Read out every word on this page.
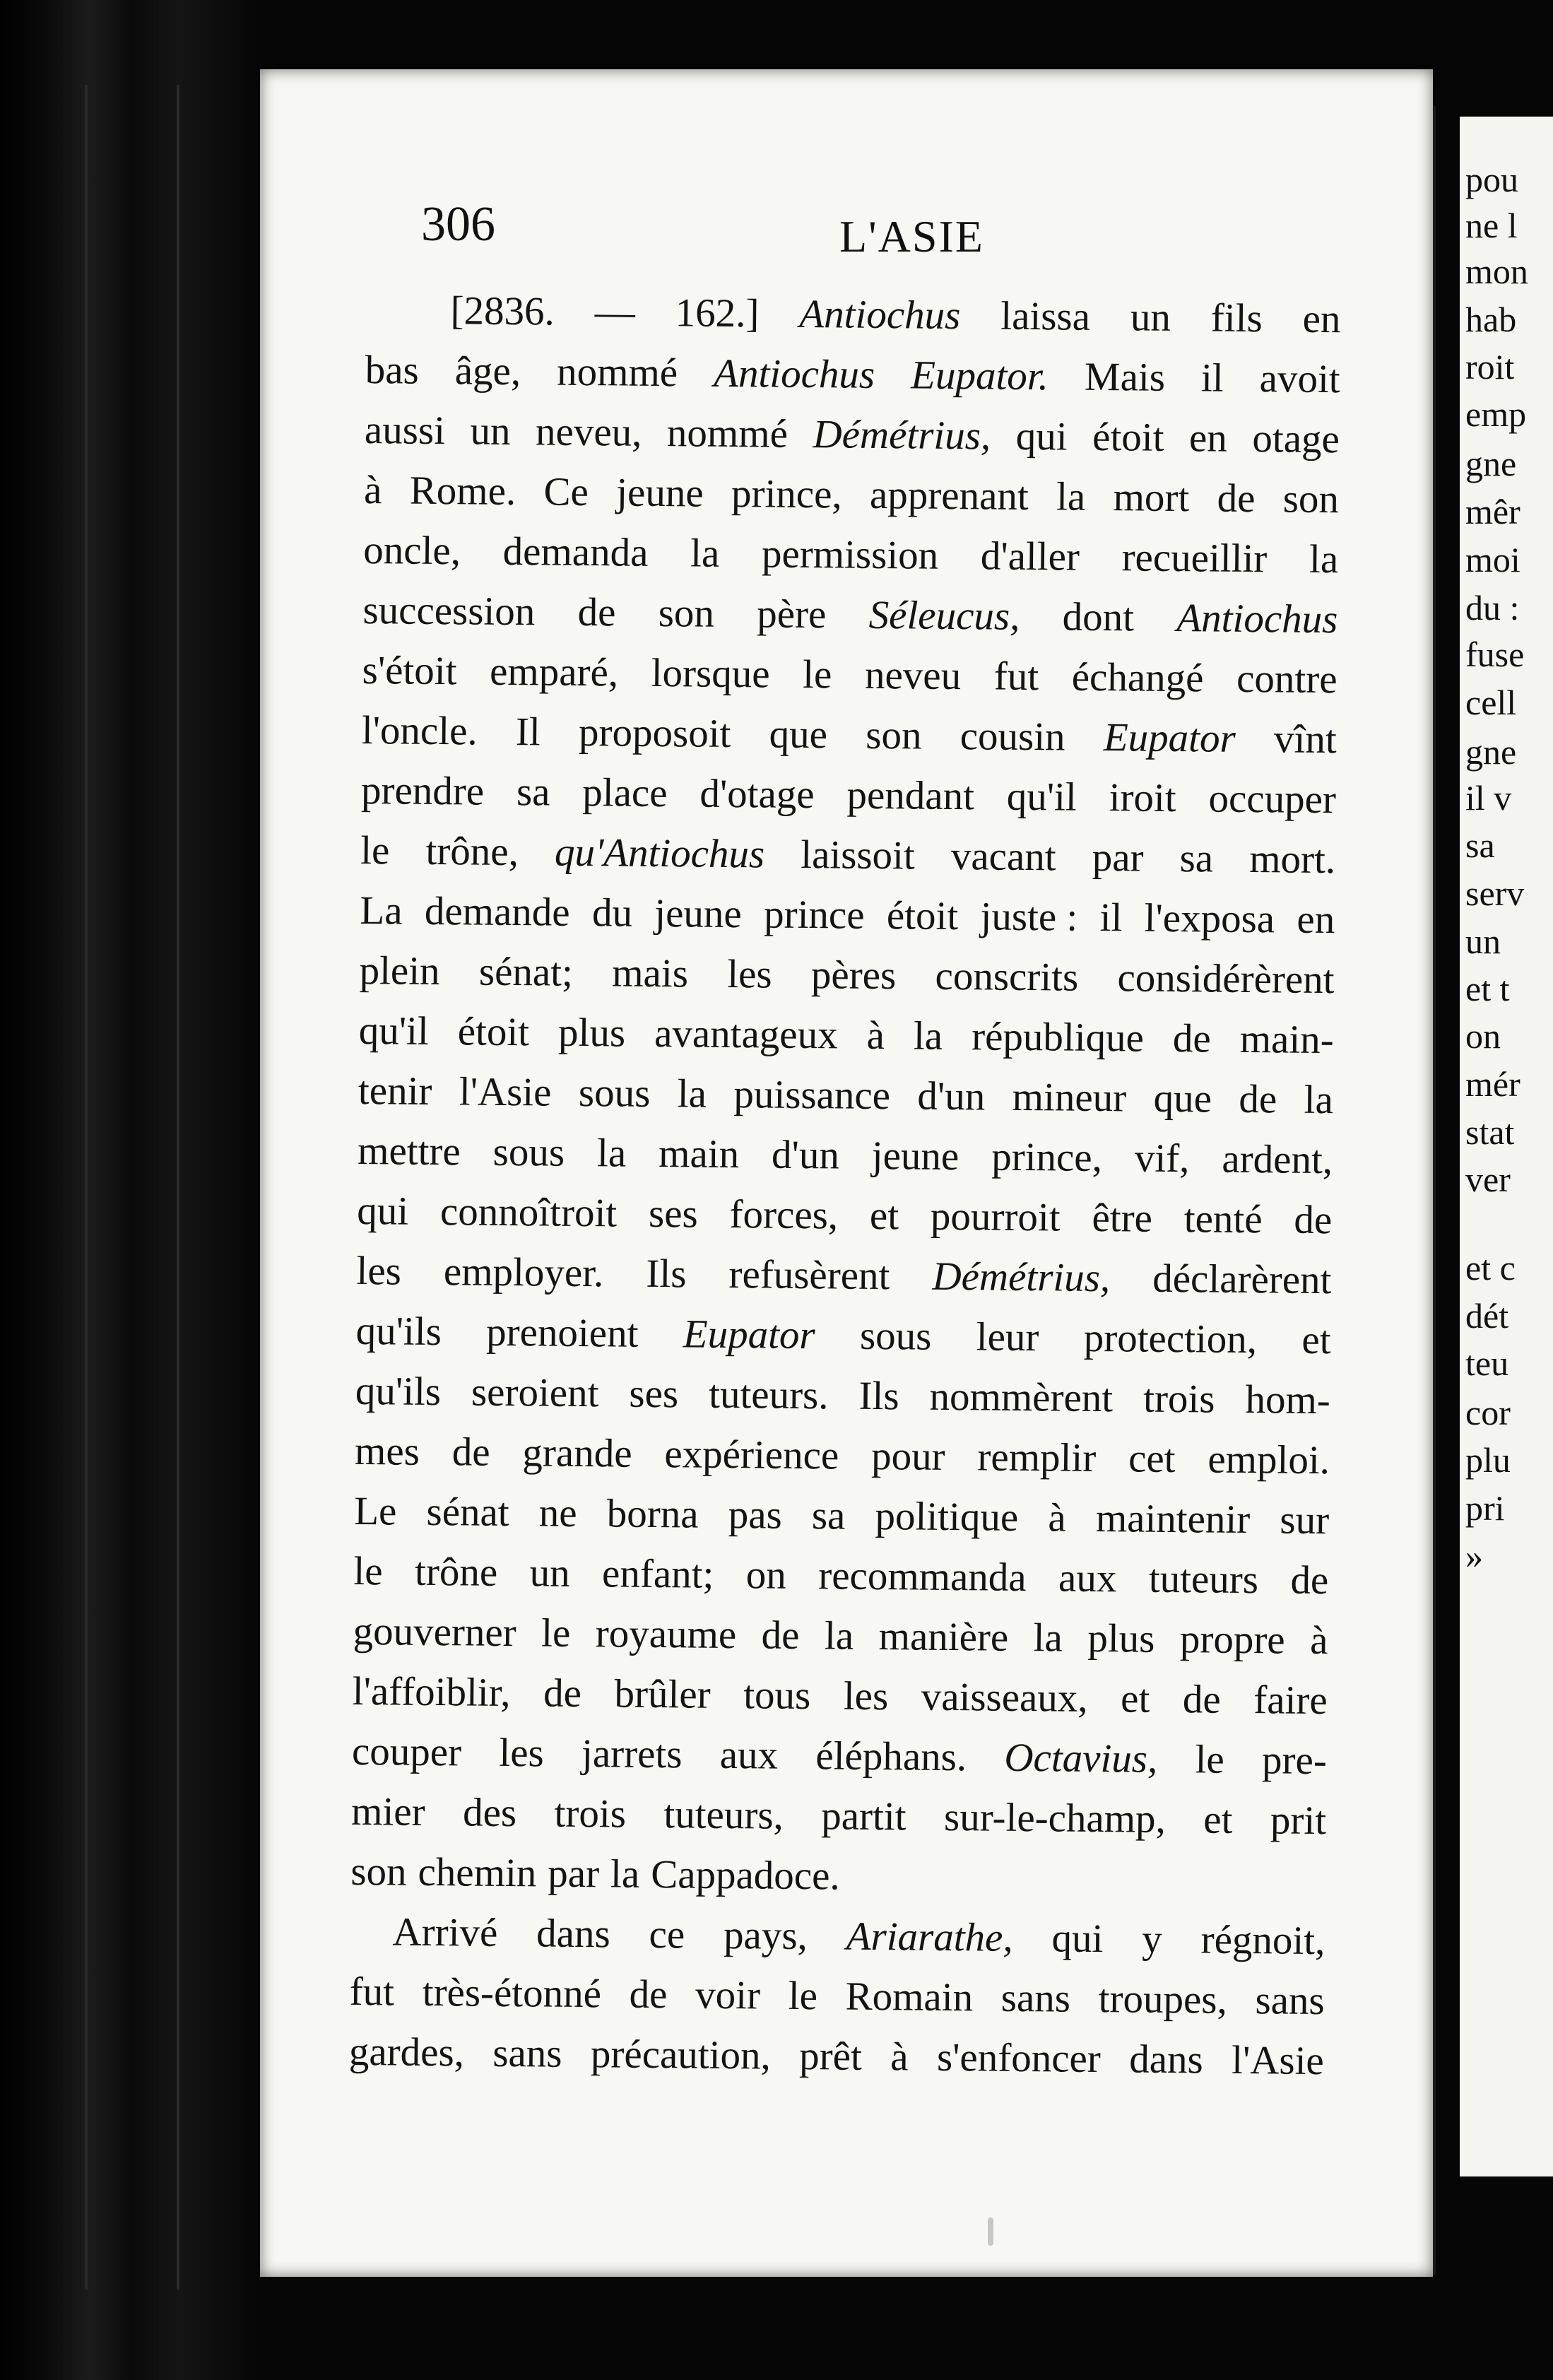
pou
ne l
mon
hab
roit
emp
gne
mêr
moi
du :
fuse
cell
gne
il v
sa
serv
un
et t
on
mér
stat
ver
et c
dét
teu
cor
plu
pri
»
306	L'ASIE
[2836. — 162.] Antiochus laissa un fils en
bas âge, nommé Antiochus Eupator. Mais il avoit
aussi un neveu, nommé Démétrius, qui étoit en otage
à Rome. Ce jeune prince, apprenant la mort de son
oncle, demanda la permission d'aller recueillir la
succession de son père Séleucus, dont Antiochus
s'étoit emparé, lorsque le neveu fut échangé contre
l'oncle. Il proposoit que son cousin Eupator vînt
prendre sa place d'otage pendant qu'il iroit occuper
le trône, qu'Antiochus laissoit vacant par sa mort.
La demande du jeune prince étoit juste : il l'exposa en
plein sénat; mais les pères conscrits considérèrent
qu'il étoit plus avantageux à la république de main-
tenir l'Asie sous la puissance d'un mineur que de la
mettre sous la main d'un jeune prince, vif, ardent,
qui connoîtroit ses forces, et pourroit être tenté de
les employer. Ils refusèrent Démétrius, déclarèrent
qu'ils prenoient Eupator sous leur protection, et
qu'ils seroient ses tuteurs. Ils nommèrent trois hom-
mes de grande expérience pour remplir cet emploi.
Le sénat ne borna pas sa politique à maintenir sur
le trône un enfant; on recommanda aux tuteurs de
gouverner le royaume de la manière la plus propre à
l'affoiblir, de brûler tous les vaisseaux, et de faire
couper les jarrets aux éléphans. Octavius, le pre-
mier des trois tuteurs, partit sur-le-champ, et prit
son chemin par la Cappadoce.
Arrivé dans ce pays, Ariarathe, qui y régnoit,
fut très-étonné de voir le Romain sans troupes, sans
gardes, sans précaution, prêt à s'enfoncer dans l'Asie
